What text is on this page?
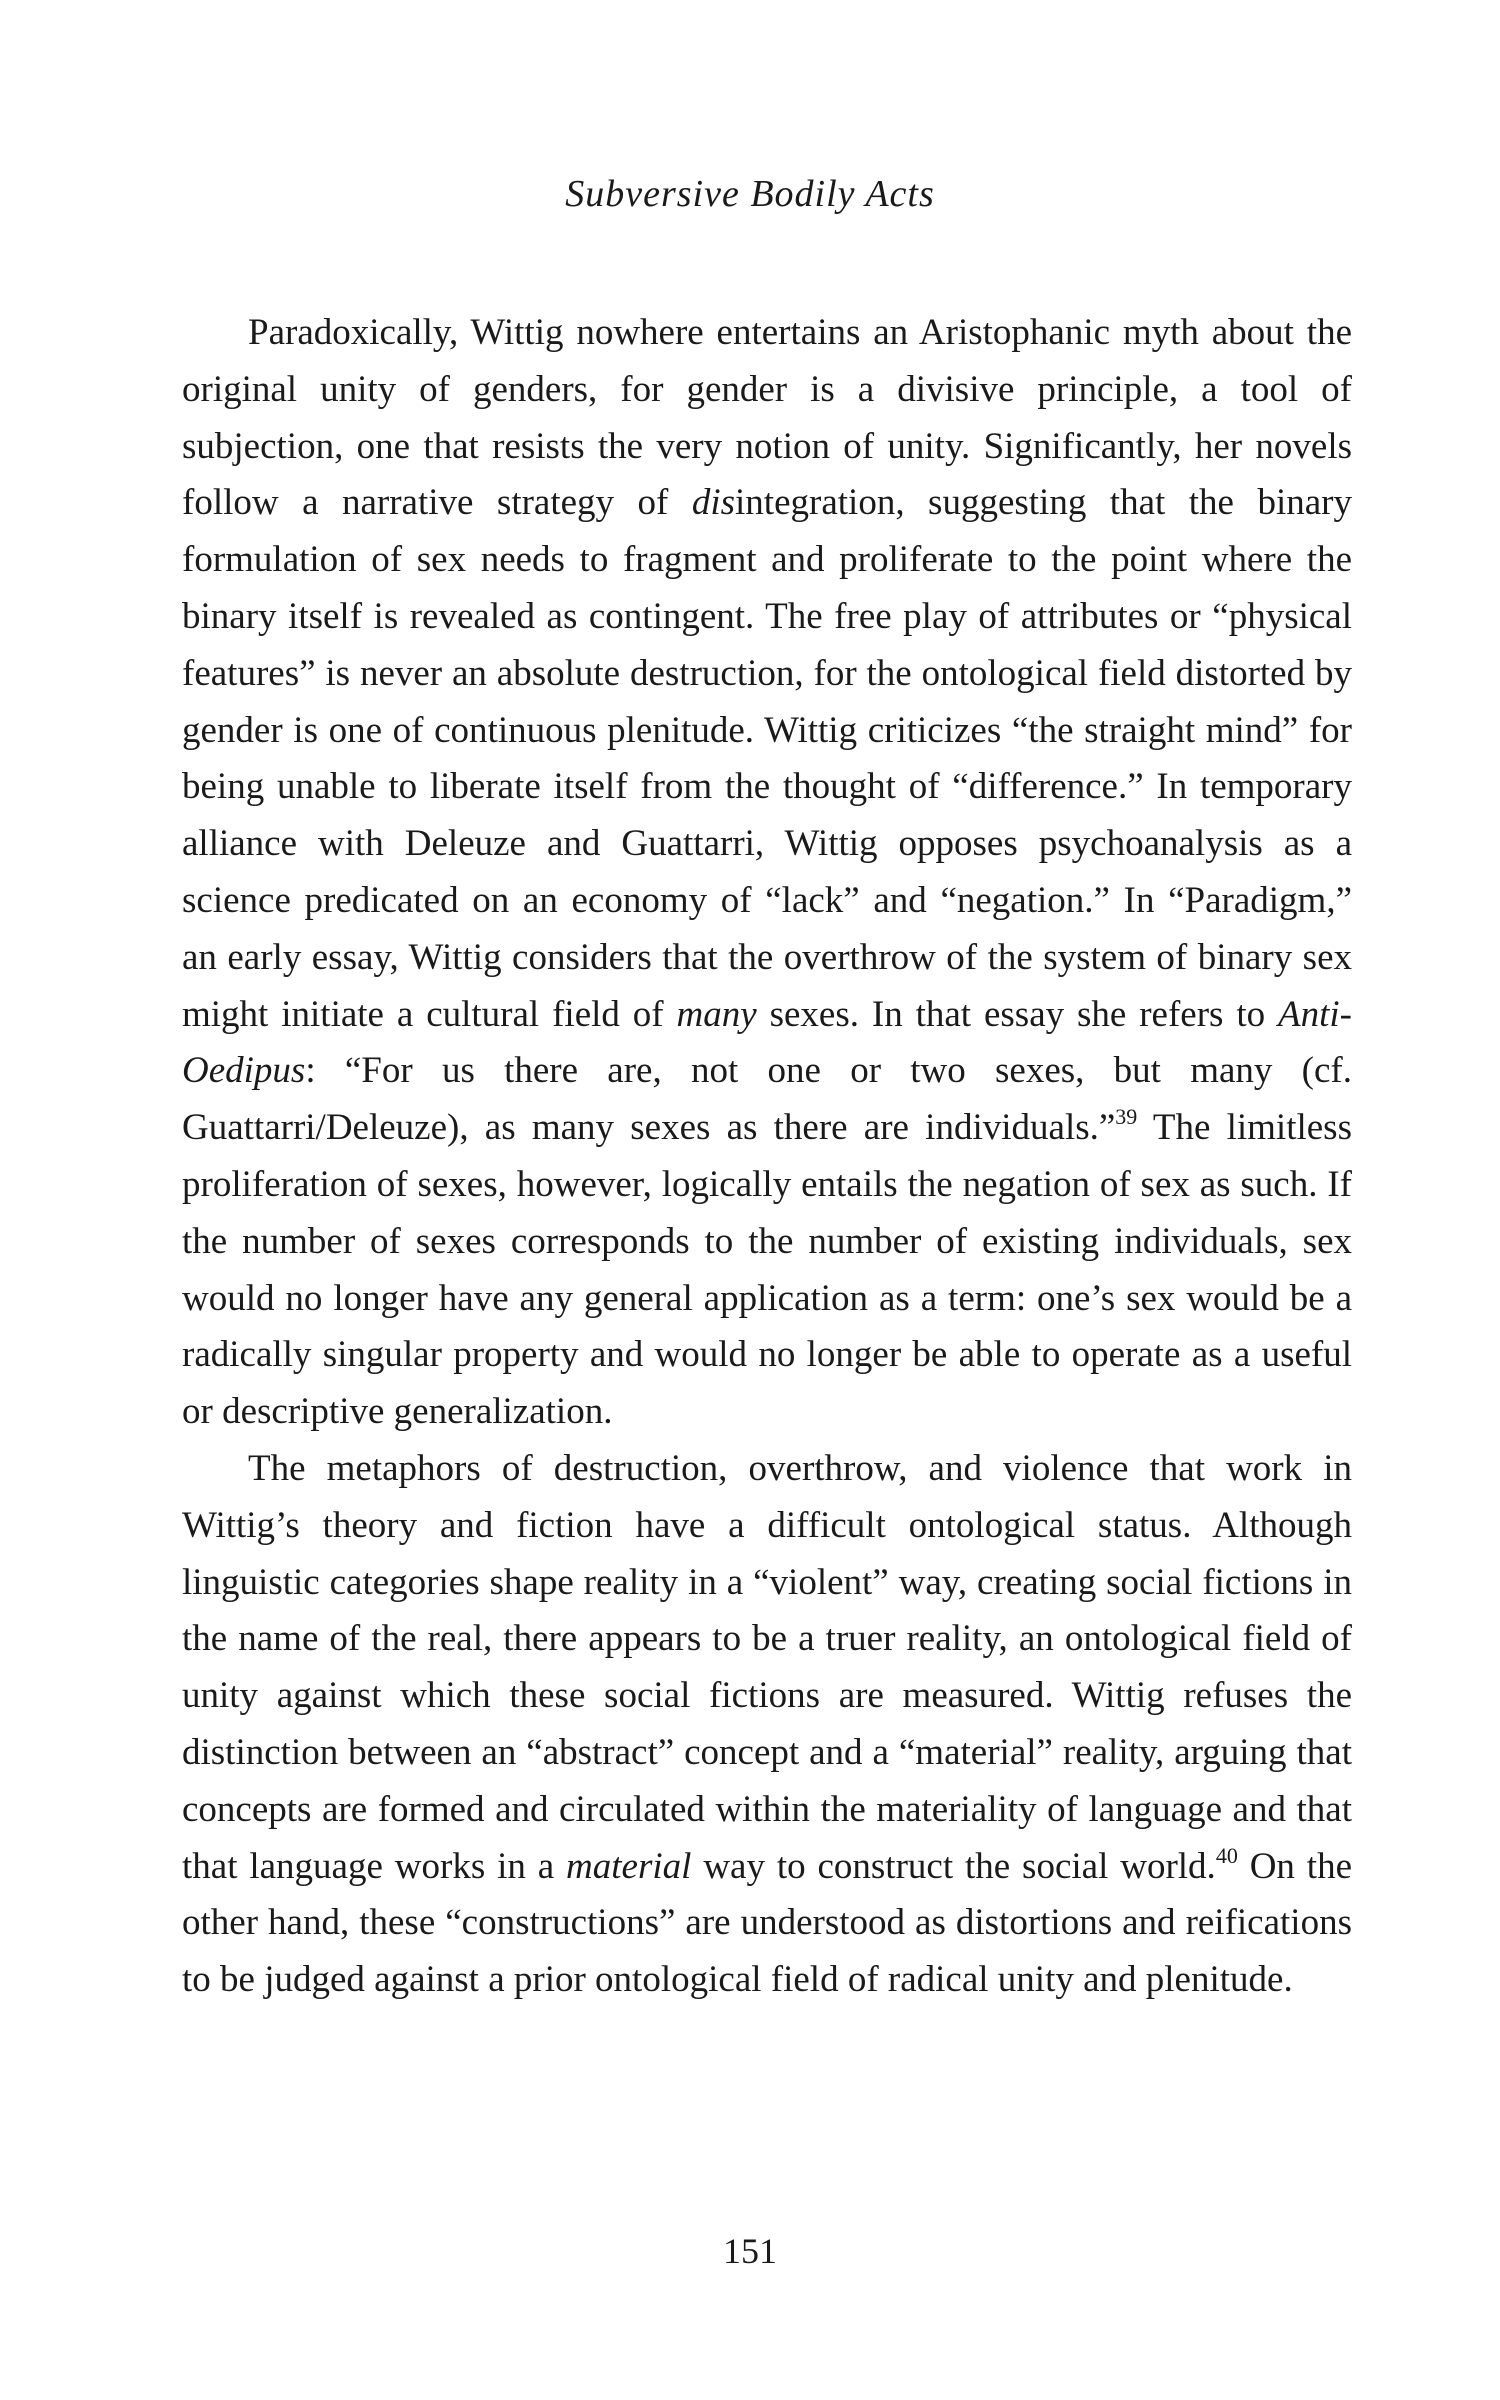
Subversive Bodily Acts

Paradoxically, Wittig nowhere entertains an Aristophanic myth about the original unity of genders, for gender is a divisive principle, a tool of subjection, one that resists the very notion of unity. Significantly, her novels follow a narrative strategy of disintegration, suggesting that the binary formulation of sex needs to fragment and proliferate to the point where the binary itself is revealed as contingent. The free play of attributes or “physical features” is never an absolute destruction, for the ontological field distorted by gender is one of continuous plenitude. Wittig criticizes “the straight mind” for being unable to liberate itself from the thought of “difference.” In temporary alliance with Deleuze and Guattarri, Wittig opposes psychoanalysis as a science predicated on an economy of “lack” and “negation.” In “Paradigm,” an early essay, Wittig considers that the overthrow of the system of binary sex might initiate a cultural field of many sexes. In that essay she refers to Anti-Oedipus: “For us there are, not one or two sexes, but many (cf. Guattarri/Deleuze), as many sexes as there are individuals.”$^{39}$ The limitless proliferation of sexes, however, logically entails the negation of sex as such. If the number of sexes corresponds to the number of existing individuals, sex would no longer have any general application as a term: one’s sex would be a radically singular property and would no longer be able to operate as a useful or descriptive generalization.

The metaphors of destruction, overthrow, and violence that work in Wittig’s theory and fiction have a difficult ontological status. Although linguistic categories shape reality in a “violent” way, creating social fictions in the name of the real, there appears to be a truer reality, an ontological field of unity against which these social fictions are measured. Wittig refuses the distinction between an “abstract” concept and a “material” reality, arguing that concepts are formed and circulated within the materiality of language and that that language works in a material way to construct the social world.$^{40}$ On the other hand, these “constructions” are understood as distortions and reifications to be judged against a prior ontological field of radical unity and plenitude.

151
